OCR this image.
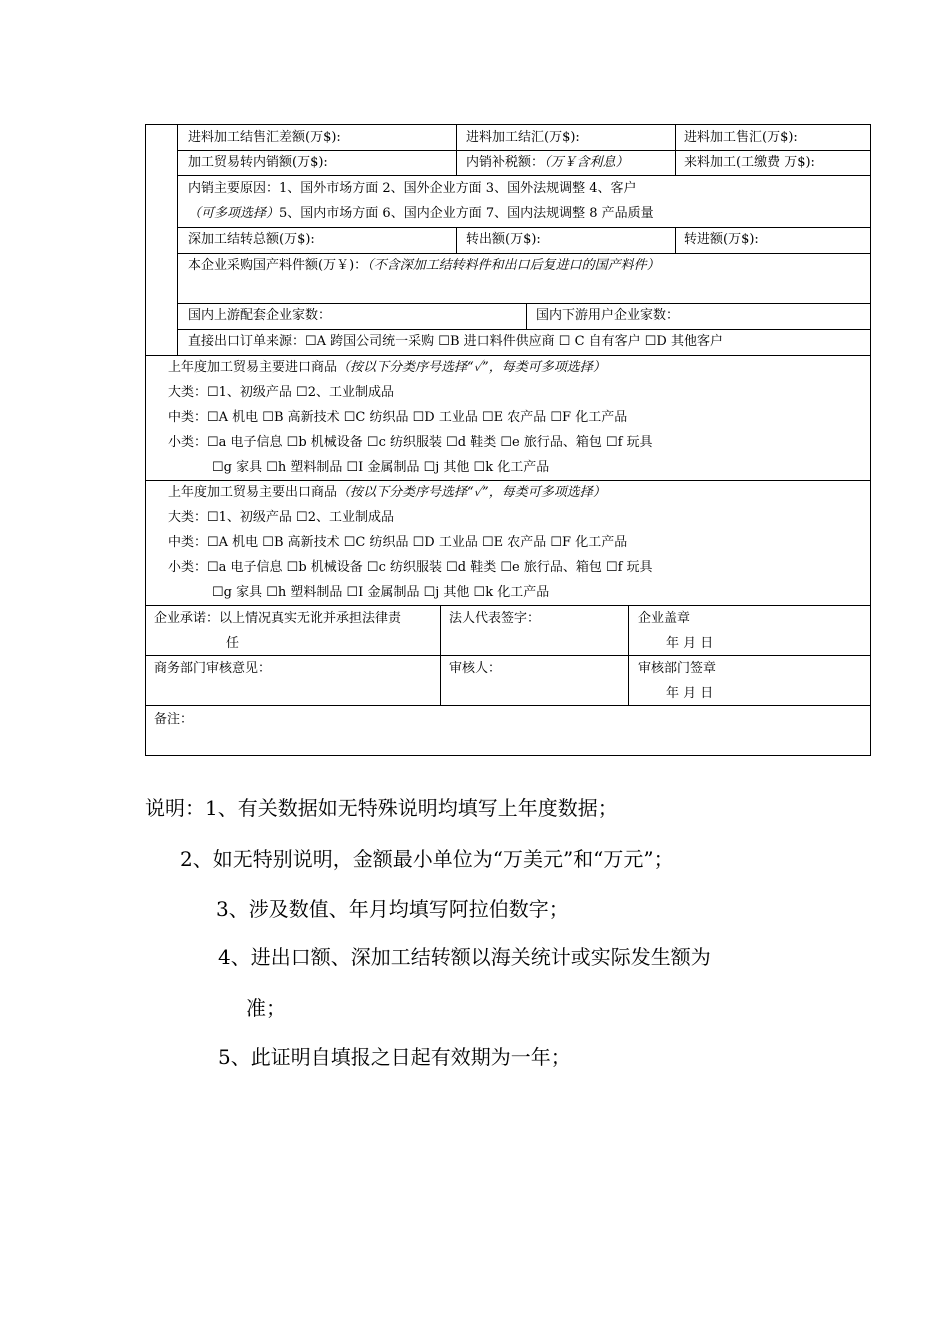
进料加工结售汇差额(万$):	进料加工结汇(万$):	进料加工售汇(万$):
加工贸易转内销额(万$):	内销补税额：（万￥含利息）	来料加工(工缴费 万$):
内销主要原因：1、国外市场方面 2、国外企业方面 3、国外法规调整 4、客户
（可多项选择）5、国内市场方面 6、国内企业方面 7、国内法规调整 8 产品质量
深加工结转总额(万$):	转出额(万$):	转进额(万$):
本企业采购国产料件额(万￥)：（不含深加工结转料件和出口后复进口的国产料件）
国内上游配套企业家数：	国内下游用户企业家数：
直接出口订单来源：☐A 跨国公司统一采购 ☐B 进口料件供应商 ☐ C 自有客户 ☐D 其他客户
上年度加工贸易主要进口商品（按以下分类序号选择“✓”，每类可多项选择）
大类：☐1、初级产品 ☐2、工业制成品
中类：☐A 机电 ☐B 高新技术 ☐C 纺织品 ☐D 工业品 ☐E 农产品 ☐F 化工产品
小类：☐a 电子信息 ☐b 机械设备 ☐c 纺织服装 ☐d 鞋类 ☐e 旅行品、箱包 ☐f 玩具
☐g 家具 ☐h 塑料制品 ☐I 金属制品 ☐j 其他 ☐k 化工产品
上年度加工贸易主要出口商品（按以下分类序号选择“✓”，每类可多项选择）
大类：☐1、初级产品 ☐2、工业制成品
中类：☐A 机电 ☐B 高新技术 ☐C 纺织品 ☐D 工业品 ☐E 农产品 ☐F 化工产品
小类：☐a 电子信息 ☐b 机械设备 ☐c 纺织服装 ☐d 鞋类 ☐e 旅行品、箱包 ☐f 玩具
☐g 家具 ☐h 塑料制品 ☐I 金属制品 ☐j 其他 ☐k 化工产品
企业承诺：以上情况真实无讹并承担法律责
任
法人代表签字：	企业盖章
年 月 日
商务部门审核意见：	审核人：	审核部门签章
年 月 日
备注：
说明：1、有关数据如无特殊说明均填写上年度数据；
2、如无特别说明，金额最小单位为“万美元”和“万元”；
3、涉及数值、年月均填写阿拉伯数字；
4、进出口额、深加工结转额以海关统计或实际发生额为
准；
5、此证明自填报之日起有效期为一年；
